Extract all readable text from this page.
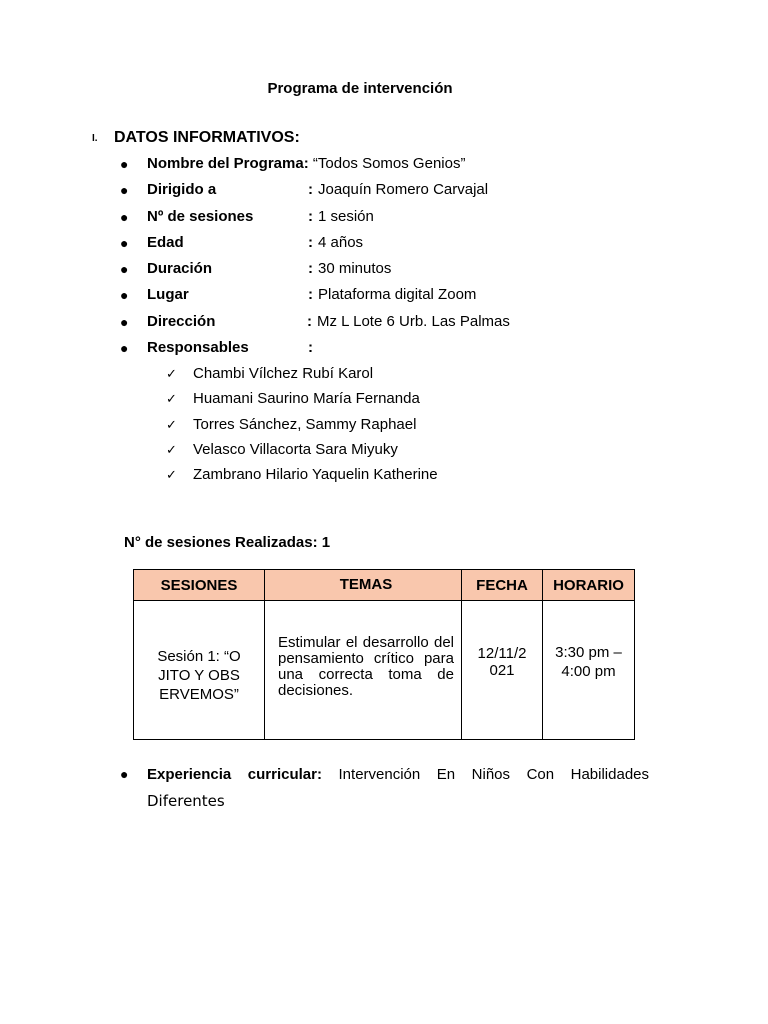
Programa de intervención
I. DATOS INFORMATIVOS:
● Nombre del Programa: “Todos Somos Genios”
● Dirigido a	: Joaquín Romero Carvajal
● Nº de sesiones	: 1 sesión
● Edad	: 4 años
● Duración	: 30 minutos
● Lugar	: Plataforma digital Zoom
● Dirección	: Mz L Lote 6 Urb. Las Palmas
● Responsables	:
✓ Chambi Vílchez Rubí Karol
✓ Huamani Saurino María Fernanda
✓ Torres Sánchez, Sammy Raphael
✓ Velasco Villacorta Sara Miyuky
✓ Zambrano Hilario Yaquelin Katherine
N° de sesiones Realizadas: 1
SESIONES	TEMAS	FECHA	HORARIO
Sesión 1: “OJITO Y OBSERVEMOS”	Estimular el desarrollo del pensamiento crítico para una correcta toma de decisiones.	12/11/2021	3:30 pm – 4:00 pm
● Experiencia curricular: Intervención En Niños Con Habilidades
Diferentes
